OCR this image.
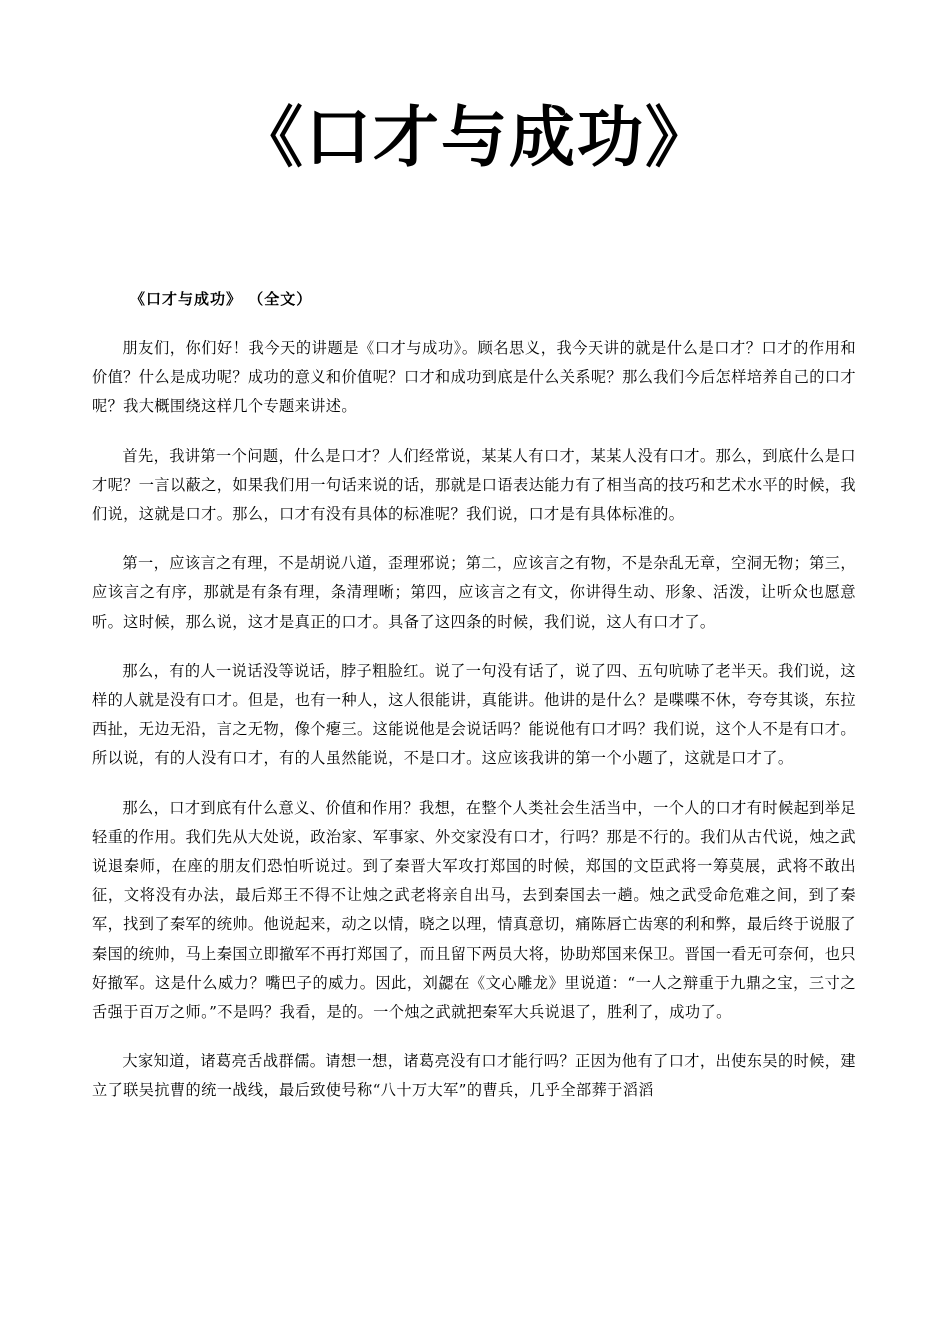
《口才与成功》
《口才与成功》 （全文）

朋友们，你们好！我今天的讲题是《口才与成功》。顾名思义，我今天讲的就是什么是口才？口才的作用和价值？什么是成功呢？成功的意义和价值呢？口才和成功到底是什么关系呢？那么我们今后怎样培养自己的口才呢？我大概围绕这样几个专题来讲述。

首先，我讲第一个问题，什么是口才？人们经常说，某某人有口才，某某人没有口才。那么，到底什么是口才呢？一言以蔽之，如果我们用一句话来说的话，那就是口语表达能力有了相当高的技巧和艺术水平的时候，我们说，这就是口才。那么，口才有没有具体的标准呢？我们说，口才是有具体标准的。

第一，应该言之有理，不是胡说八道，歪理邪说；第二，应该言之有物，不是杂乱无章，空洞无物；第三，应该言之有序，那就是有条有理，条清理晰；第四，应该言之有文，你讲得生动、形象、活泼，让听众也愿意听。这时候，那么说，这才是真正的口才。具备了这四条的时候，我们说，这人有口才了。

那么，有的人一说话没等说话，脖子粗脸红。说了一句没有话了，说了四、五句吭哧了老半天。我们说，这样的人就是没有口才。但是，也有一种人，这人很能讲，真能讲。他讲的是什么？是喋喋不休，夸夸其谈，东拉西扯，无边无沿，言之无物，像个瘪三。这能说他是会说话吗？能说他有口才吗？我们说，这个人不是有口才。所以说，有的人没有口才，有的人虽然能说，不是口才。这应该我讲的第一个小题了，这就是口才了。

那么，口才到底有什么意义、价值和作用？我想，在整个人类社会生活当中，一个人的口才有时候起到举足轻重的作用。我们先从大处说，政治家、军事家、外交家没有口才，行吗？那是不行的。我们从古代说，烛之武说退秦师，在座的朋友们恐怕听说过。到了秦晋大军攻打郑国的时候，郑国的文臣武将一筹莫展，武将不敢出征，文将没有办法，最后郑王不得不让烛之武老将亲自出马，去到秦国去一趟。烛之武受命危难之间，到了秦军，找到了秦军的统帅。他说起来，动之以情，晓之以理，情真意切，痛陈唇亡齿寒的利和弊，最后终于说服了秦国的统帅，马上秦国立即撤军不再打郑国了，而且留下两员大将，协助郑国来保卫。晋国一看无可奈何，也只好撤军。这是什么威力？嘴巴子的威力。因此，刘勰在《文心雕龙》里说道：“一人之辩重于九鼎之宝，三寸之舌强于百万之师。”不是吗？我看，是的。一个烛之武就把秦军大兵说退了，胜利了，成功了。

大家知道，诸葛亮舌战群儒。请想一想，诸葛亮没有口才能行吗？正因为他有了口才，出使东吴的时候，建立了联吴抗曹的统一战线，最后致使号称“八十万大军”的曹兵，几乎全部葬于滔滔
